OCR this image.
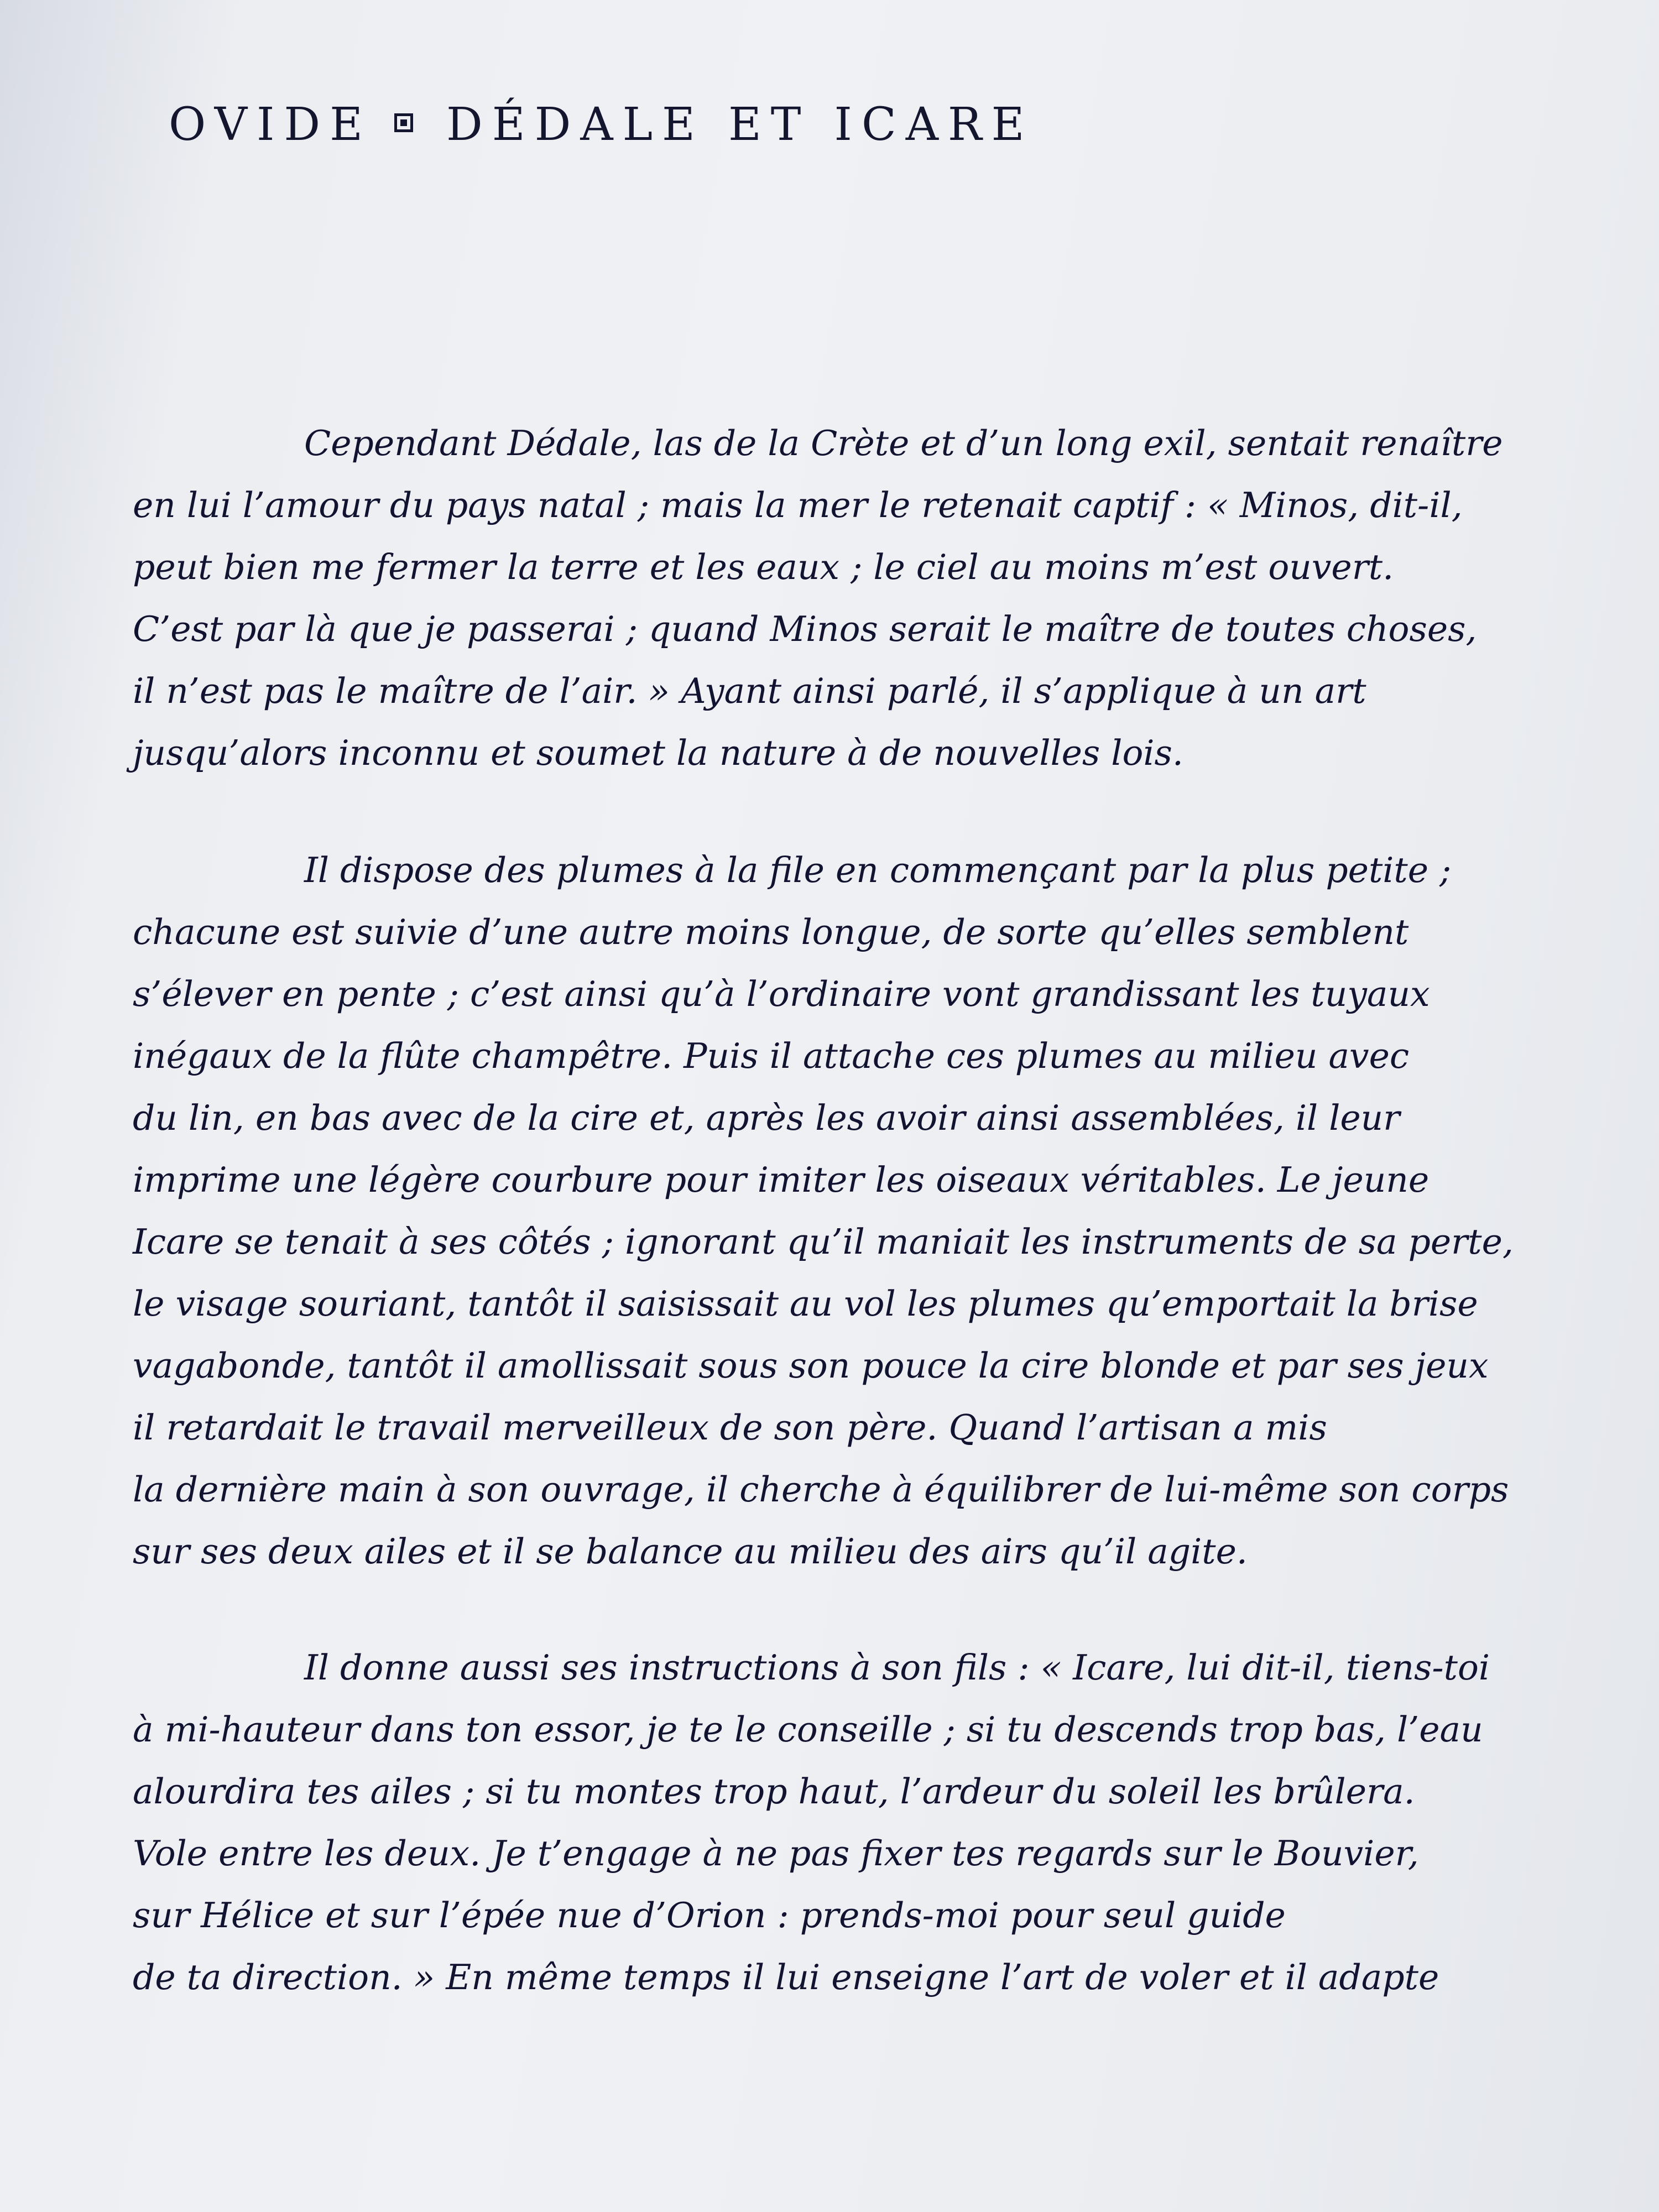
OVIDE DÉDALE ET ICARE
Cependant Dédale, las de la Crète et d’un long exil, sentait renaître
en lui l’amour du pays natal ; mais la mer le retenait captif : « Minos, dit-il,
peut bien me fermer la terre et les eaux ; le ciel au moins m’est ouvert.
C’est par là que je passerai ; quand Minos serait le maître de toutes choses,
il n’est pas le maître de l’air. » Ayant ainsi parlé, il s’applique à un art
jusqu’alors inconnu et soumet la nature à de nouvelles lois.
Il dispose des plumes à la file en commençant par la plus petite ;
chacune est suivie d’une autre moins longue, de sorte qu’elles semblent
s’élever en pente ; c’est ainsi qu’à l’ordinaire vont grandissant les tuyaux
inégaux de la flûte champêtre. Puis il attache ces plumes au milieu avec
du lin, en bas avec de la cire et, après les avoir ainsi assemblées, il leur
imprime une légère courbure pour imiter les oiseaux véritables. Le jeune
Icare se tenait à ses côtés ; ignorant qu’il maniait les instruments de sa perte,
le visage souriant, tantôt il saisissait au vol les plumes qu’emportait la brise
vagabonde, tantôt il amollissait sous son pouce la cire blonde et par ses jeux
il retardait le travail merveilleux de son père. Quand l’artisan a mis
la dernière main à son ouvrage, il cherche à équilibrer de lui-même son corps
sur ses deux ailes et il se balance au milieu des airs qu’il agite.
Il donne aussi ses instructions à son fils : « Icare, lui dit-il, tiens-toi
à mi-hauteur dans ton essor, je te le conseille ; si tu descends trop bas, l’eau
alourdira tes ailes ; si tu montes trop haut, l’ardeur du soleil les brûlera.
Vole entre les deux. Je t’engage à ne pas fixer tes regards sur le Bouvier,
sur Hélice et sur l’épée nue d’Orion : prends-moi pour seul guide
de ta direction. » En même temps il lui enseigne l’art de voler et il adapte
